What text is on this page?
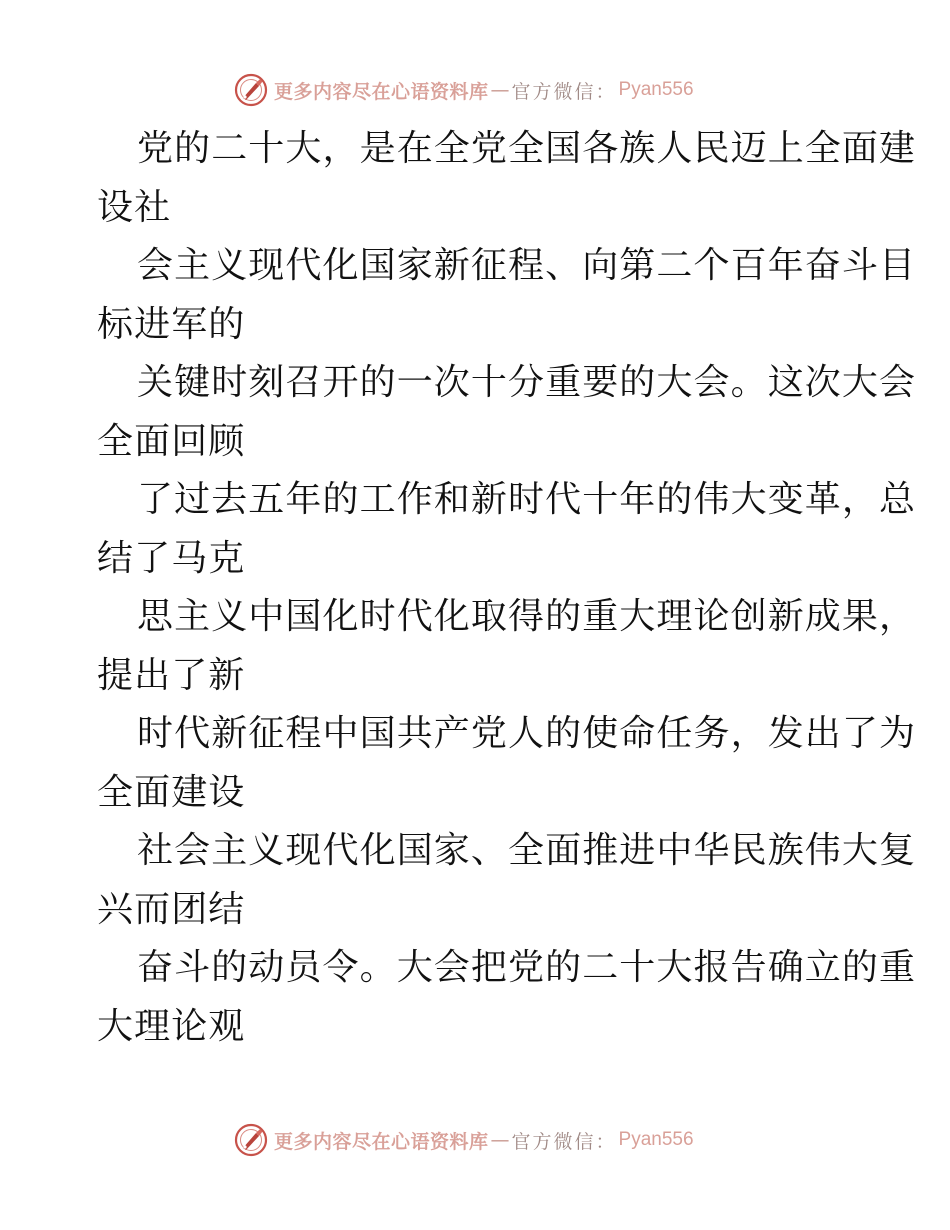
更多内容尽在心语资料库 — 官方微信： Pyan556
党的二十大，是在全党全国各族人民迈上全面建
设社
会主义现代化国家新征程、向第二个百年奋斗目
标进军的
关键时刻召开的一次十分重要的大会。这次大会
全面回顾
了过去五年的工作和新时代十年的伟大变革，总
结了马克
思主义中国化时代化取得的重大理论创新成果，
提出了新
时代新征程中国共产党人的使命任务，发出了为
全面建设
社会主义现代化国家、全面推进中华民族伟大复
兴而团结
奋斗的动员令。大会把党的二十大报告确立的重
大理论观
更多内容尽在心语资料库 — 官方微信： Pyan556
